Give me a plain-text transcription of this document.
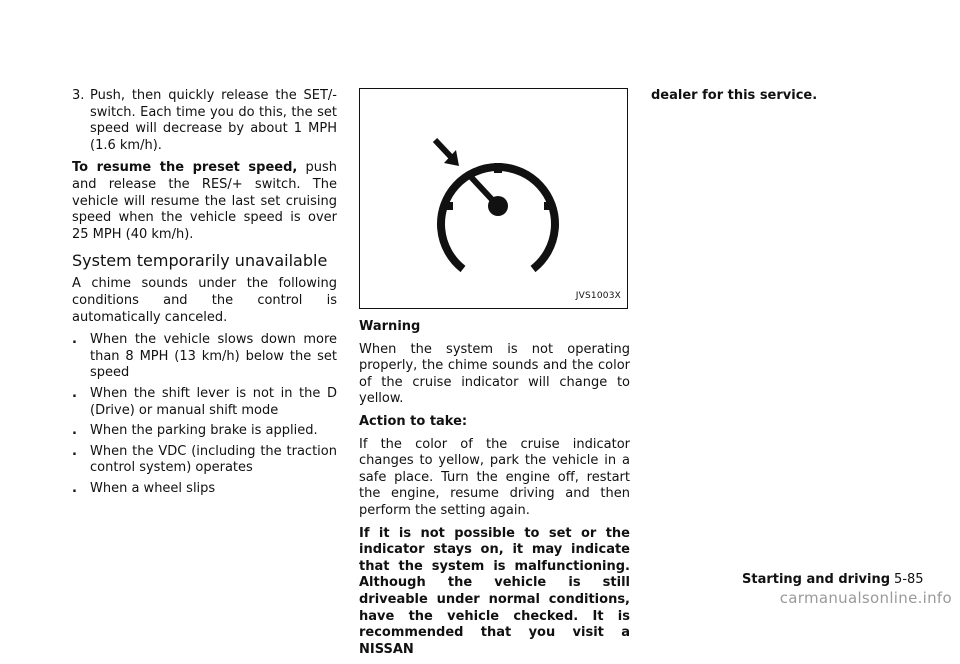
3. Push, then quickly release the SET/- switch. Each time you do this, the set speed will decrease by about 1 MPH (1.6 km/h).

To resume the preset speed, push and release the RES/+ switch. The vehicle will resume the last set cruising speed when the vehicle speed is over 25 MPH (40 km/h).

System temporarily unavailable

A chime sounds under the following conditions and the control is automatically canceled.

.	When the vehicle slows down more than 8 MPH (13 km/h) below the set speed
.	When the shift lever is not in the D (Drive) or manual shift mode
.	When the parking brake is applied.
.	When the VDC (including the traction control system) operates
.	When a wheel slips
JVS1003X

Warning

When the system is not operating properly, the chime sounds and the color of the cruise indicator will change to yellow.

Action to take:

If the color of the cruise indicator changes to yellow, park the vehicle in a safe place. Turn the engine off, restart the engine, resume driving and then perform the setting again.

If it is not possible to set or the indicator stays on, it may indicate that the system is malfunctioning. Although the vehicle is still driveable under normal conditions, have the vehicle checked. It is recommended that you visit a NISSAN

dealer for this service.

Starting and driving 5-85
carmanualsonline.info
